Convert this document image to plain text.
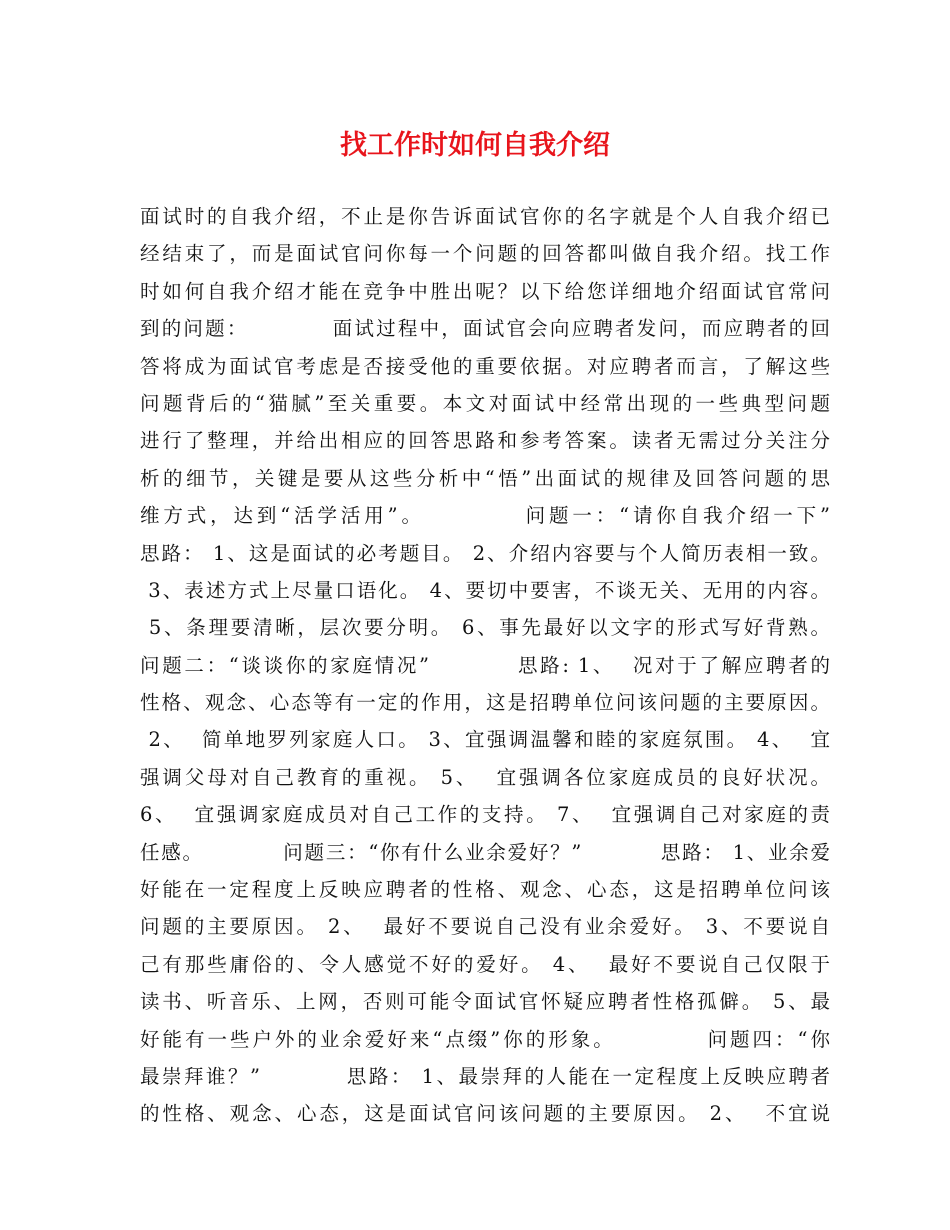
找工作时如何自我介绍
面试时的自我介绍，不止是你告诉面试官你的名字就是个人自我介绍已
经结束了，而是面试官问你每一个问题的回答都叫做自我介绍。找工作
时如何自我介绍才能在竞争中胜出呢？以下给您详细地介绍面试官常问
到的问题：          面试过程中，面试官会向应聘者发问，而应聘者的回
答将成为面试官考虑是否接受他的重要依据。对应聘者而言，了解这些
问题背后的“猫腻”至关重要。本文对面试中经常出现的一些典型问题
进行了整理，并给出相应的回答思路和参考答案。读者无需过分关注分
析的细节，关键是要从这些分析中“悟”出面试的规律及回答问题的思
维方式，达到“活学活用”。          问题一：“请你自我介绍一下”
思路： 1、这是面试的必考题目。 2、介绍内容要与个人简历表相一致。
3、表述方式上尽量口语化。 4、要切中要害，不谈无关、无用的内容。
5、条理要清晰，层次要分明。 6、事先最好以文字的形式写好背熟。
问题二：“谈谈你的家庭情况”          思路: 1、  况对于了解应聘者的
性格、观念、心态等有一定的作用，这是招聘单位问该问题的主要原因。
2、  简单地罗列家庭人口。 3、宜强调温馨和睦的家庭氛围。 4、  宜
强调父母对自己教育的重视。 5、  宜强调各位家庭成员的良好状况。
6、  宜强调家庭成员对自己工作的支持。 7、  宜强调自己对家庭的责
任感。          问题三：“你有什么业余爱好？”          思路： 1、业余爱
好能在一定程度上反映应聘者的性格、观念、心态，这是招聘单位问该
问题的主要原因。 2、  最好不要说自己没有业余爱好。 3、不要说自
己有那些庸俗的、令人感觉不好的爱好。 4、  最好不要说自己仅限于
读书、听音乐、上网，否则可能令面试官怀疑应聘者性格孤僻。 5、最
好能有一些户外的业余爱好来“点缀”你的形象。          问题四：“你
最崇拜谁？”          思路： 1、最崇拜的人能在一定程度上反映应聘者
的性格、观念、心态，这是面试官问该问题的主要原因。 2、  不宜说
